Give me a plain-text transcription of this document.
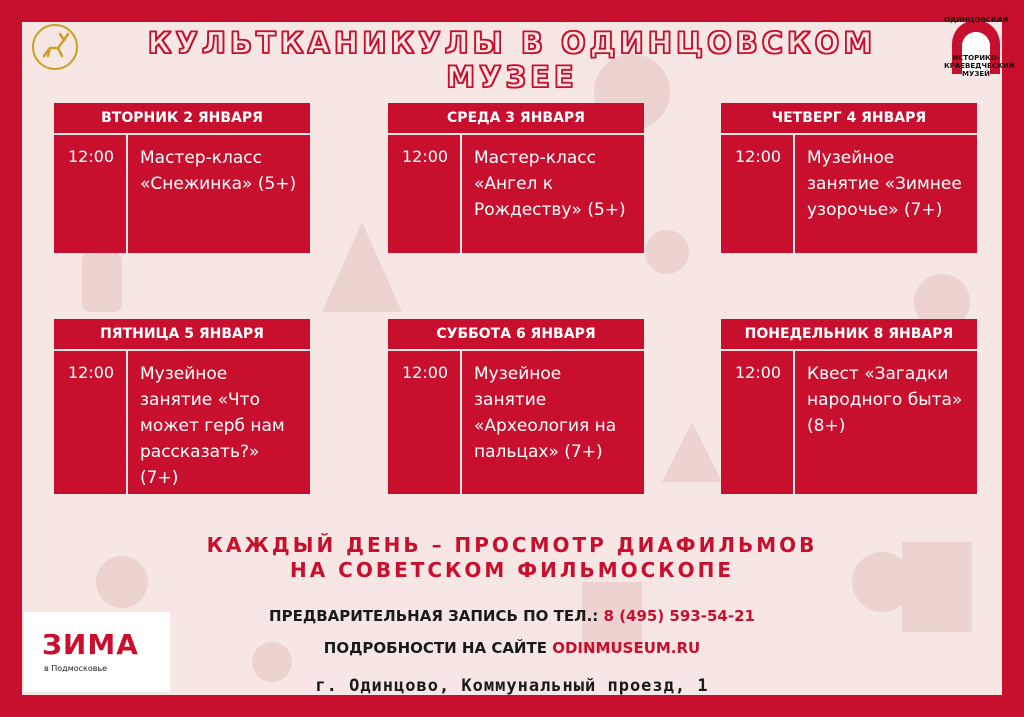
КУЛЬТКАНИКУЛЫ В ОДИНЦОВСКОМ МУЗЕЕ
ОДИНЦОВСКИЙ
ИСТОРИКО-
КРАЕВЕДЧЕСКИЙ
МУЗЕЙ
ВТОРНИК 2 ЯНВАРЯ
12:00	Мастер-класс «Снежинка» (5+)
СРЕДА 3 ЯНВАРЯ
12:00	Мастер-класс «Ангел к Рождеству» (5+)
ЧЕТВЕРГ 4 ЯНВАРЯ
12:00	Музейное занятие «Зимнее узорочье» (7+)
ПЯТНИЦА 5 ЯНВАРЯ
12:00	Музейное занятие «Что может герб нам рассказать?» (7+)
СУББОТА 6 ЯНВАРЯ
12:00	Музейное занятие «Археология на пальцах» (7+)
ПОНЕДЕЛЬНИК 8 ЯНВАРЯ
12:00	Квест «Загадки народного быта» (8+)
КАЖДЫЙ ДЕНЬ – ПРОСМОТР ДИАФИЛЬМОВ
НА СОВЕТСКОМ ФИЛЬМОСКОПЕ
ПРЕДВАРИТЕЛЬНАЯ ЗАПИСЬ ПО ТЕЛ.: 8 (495) 593-54-21
ПОДРОБНОСТИ НА САЙТЕ ODINMUSEUM.RU
г. Одинцово, Коммунальный проезд, 1
ЗИМА
в Подмосковье
